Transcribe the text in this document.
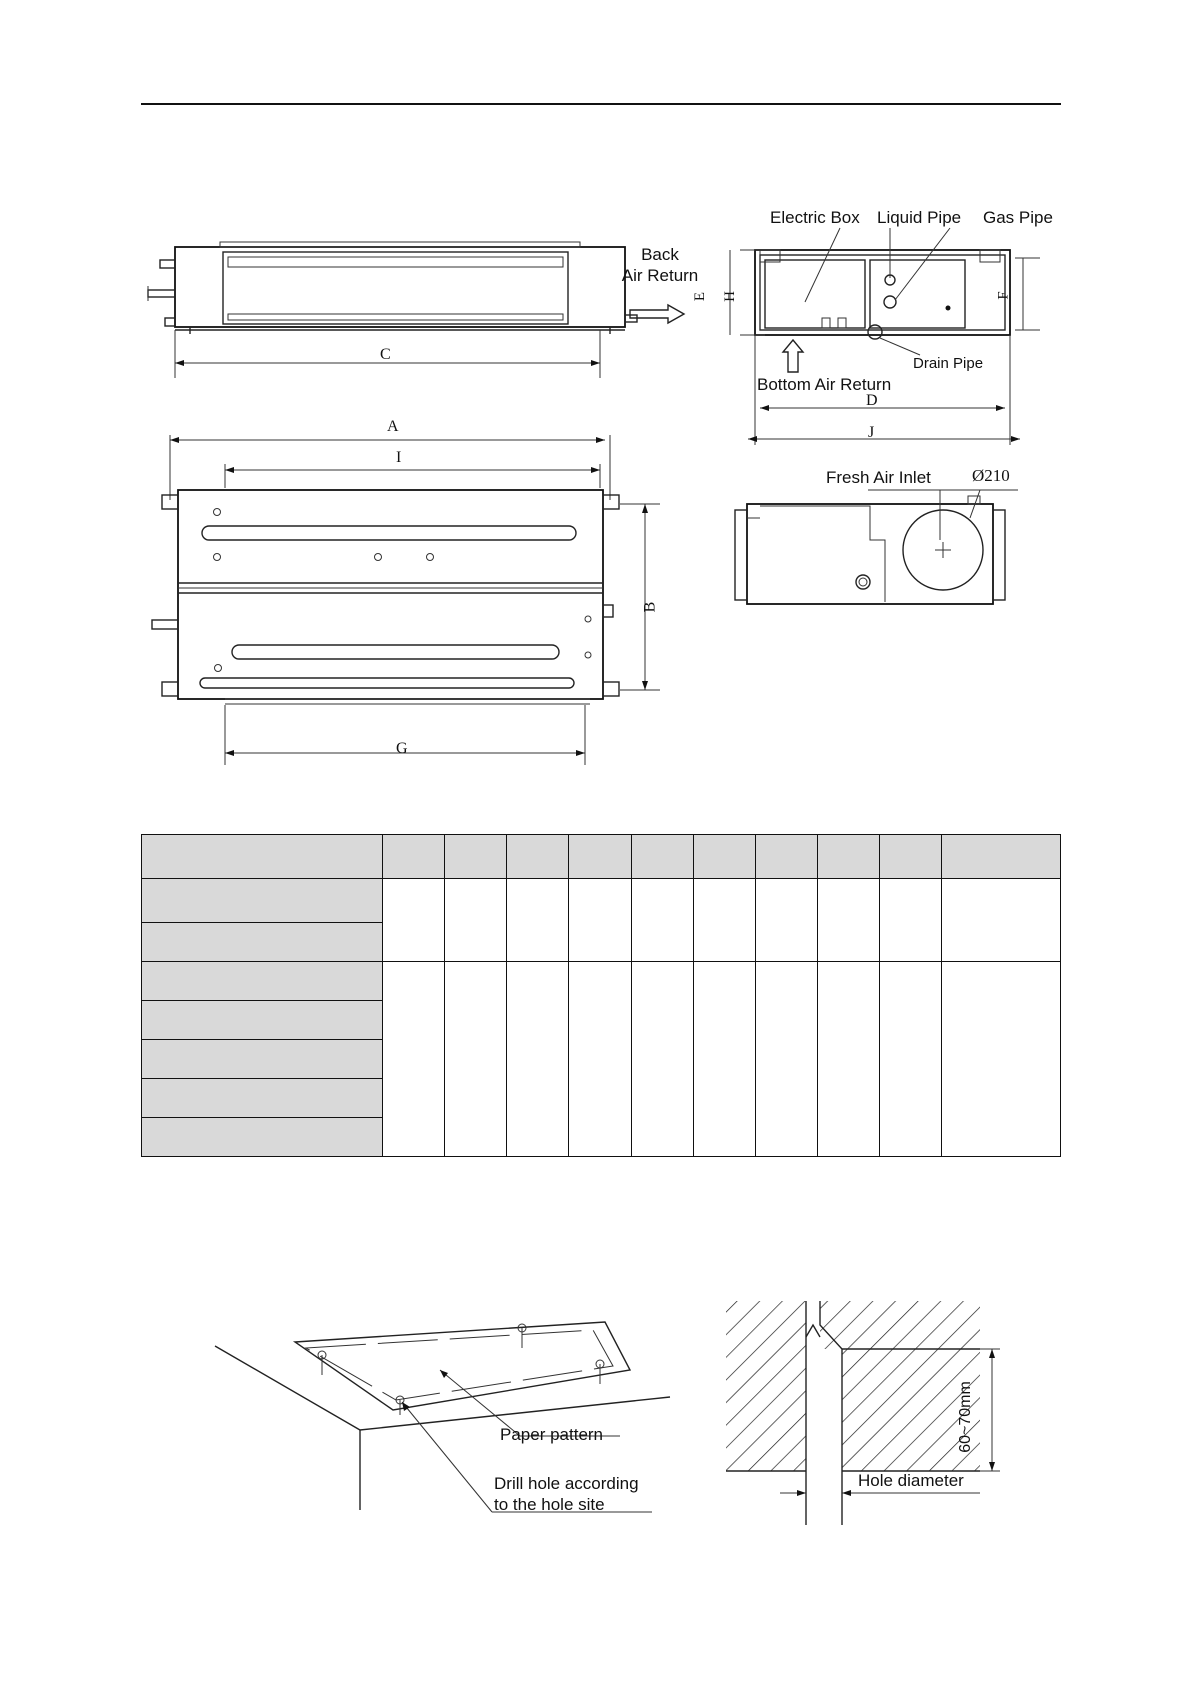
C
Back
Air Return
Electric Box Liquid Pipe Gas Pipe
Drain Pipe
Bottom Air Return
E H	F
D
J
A
I
B
G
Fresh Air Inlet Ø210

Paper pattern
Drill hole according
to the hole site
60~70mm
Hole diameter
